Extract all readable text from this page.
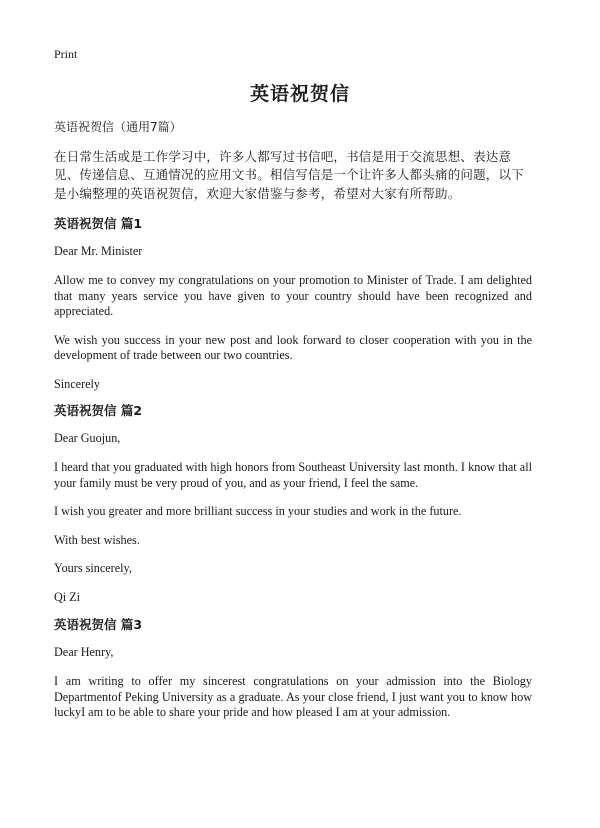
Print
英语祝贺信

英语祝贺信（通用7篇）

在日常生活或是工作学习中，许多人都写过书信吧，书信是用于交流思想、表达意见、传递信息、互通情况的应用文书。相信写信是一个让许多人都头痛的问题，以下是小编整理的英语祝贺信，欢迎大家借鉴与参考，希望对大家有所帮助。

英语祝贺信 篇1

Dear Mr. Minister

Allow me to convey my congratulations on your promotion to Minister of Trade. I am delighted that many years service you have given to your country should have been recognized and appreciated.

We wish you success in your new post and look forward to closer cooperation with you in the development of trade between our two countries.

Sincerely

英语祝贺信 篇2

Dear Guojun,

I heard that you graduated with high honors from Southeast University last month. I know that all your family must be very proud of you, and as your friend, I feel the same.

I wish you greater and more brilliant success in your studies and work in the future.

With best wishes.

Yours sincerely,

Qi Zi

英语祝贺信 篇3

Dear Henry,

I am writing to offer my sincerest congratulations on your admission into the Biology Departmentof Peking University as a graduate. As your close friend, I just want you to know how luckyI am to be able to share your pride and how pleased I am at your admission.
